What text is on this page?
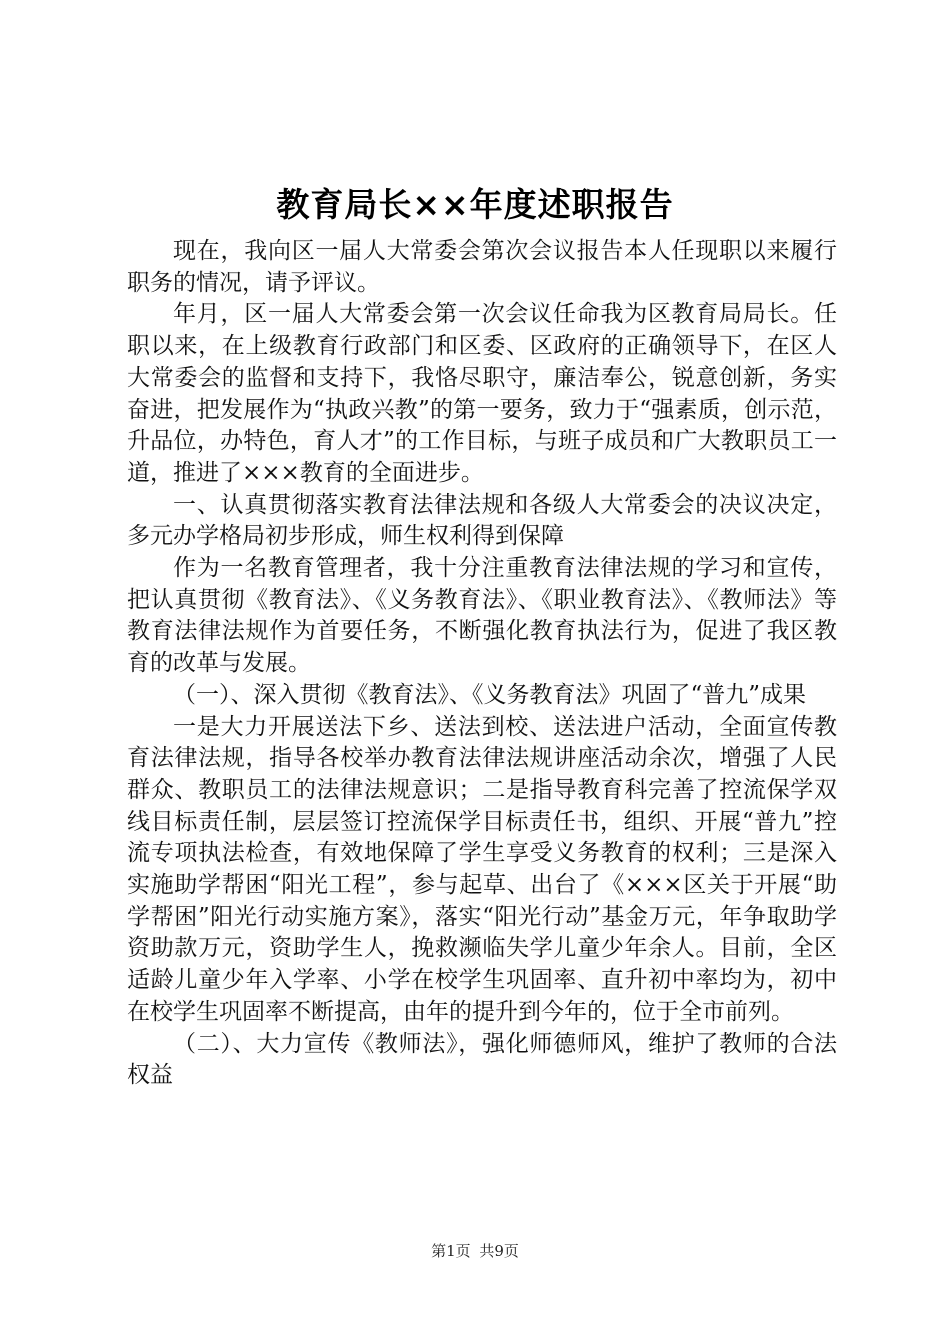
教育局长××年度述职报告

现在，我向区一届人大常委会第次会议报告本人任现职以来履行职务的情况，请予评议。

年月，区一届人大常委会第一次会议任命我为区教育局局长。任职以来，在上级教育行政部门和区委、区政府的正确领导下，在区人大常委会的监督和支持下，我恪尽职守，廉洁奉公，锐意创新，务实奋进，把发展作为“执政兴教”的第一要务，致力于“强素质，创示范，升品位，办特色，育人才”的工作目标，与班子成员和广大教职员工一道，推进了×××教育的全面进步。

一、认真贯彻落实教育法律法规和各级人大常委会的决议决定，多元办学格局初步形成，师生权利得到保障

作为一名教育管理者，我十分注重教育法律法规的学习和宣传，把认真贯彻《教育法》、《义务教育法》、《职业教育法》、《教师法》等教育法律法规作为首要任务，不断强化教育执法行为，促进了我区教育的改革与发展。

（一）、深入贯彻《教育法》、《义务教育法》巩固了“普九”成果

一是大力开展送法下乡、送法到校、送法进户活动，全面宣传教育法律法规，指导各校举办教育法律法规讲座活动余次，增强了人民群众、教职员工的法律法规意识；二是指导教育科完善了控流保学双线目标责任制，层层签订控流保学目标责任书，组织、开展“普九”控流专项执法检查，有效地保障了学生享受义务教育的权利；三是深入实施助学帮困“阳光工程”，参与起草、出台了《×××区关于开展“助学帮困”阳光行动实施方案》，落实“阳光行动”基金万元，年争取助学资助款万元，资助学生人，挽救濒临失学儿童少年余人。目前，全区适龄儿童少年入学率、小学在校学生巩固率、直升初中率均为，初中在校学生巩固率不断提高，由年的提升到今年的，位于全市前列。

（二）、大力宣传《教师法》，强化师德师风，维护了教师的合法权益

第1页 共9页
